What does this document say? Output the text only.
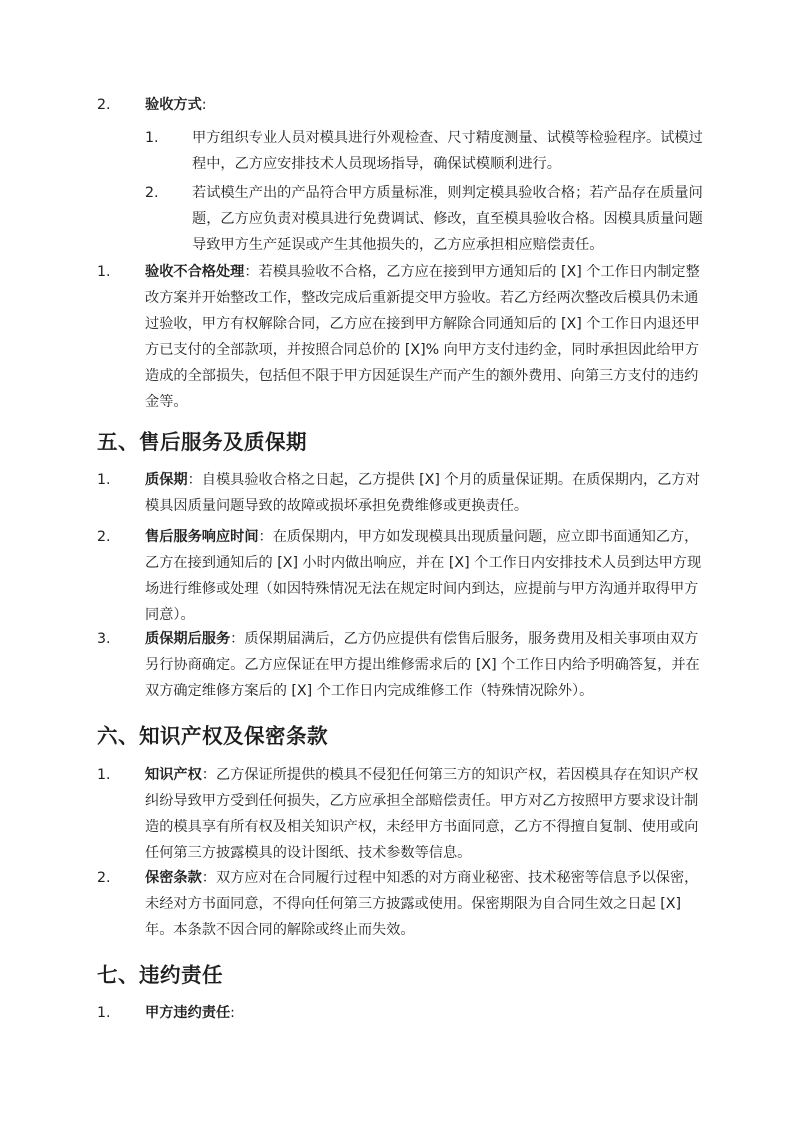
2. 验收方式:
1. 甲方组织专业人员对模具进行外观检查、尺寸精度测量、试模等检验程序。试模过程中，乙方应安排技术人员现场指导，确保试模顺利进行。
2. 若试模生产出的产品符合甲方质量标准，则判定模具验收合格；若产品存在质量问题，乙方应负责对模具进行免费调试、修改，直至模具验收合格。因模具质量问题导致甲方生产延误或产生其他损失的，乙方应承担相应赔偿责任。
1. 验收不合格处理：若模具验收不合格，乙方应在接到甲方通知后的 [X] 个工作日内制定整改方案并开始整改工作，整改完成后重新提交甲方验收。若乙方经两次整改后模具仍未通过验收，甲方有权解除合同，乙方应在接到甲方解除合同通知后的 [X] 个工作日内退还甲方已支付的全部款项，并按照合同总价的 [X]% 向甲方支付违约金，同时承担因此给甲方造成的全部损失，包括但不限于甲方因延误生产而产生的额外费用、向第三方支付的违约金等。
五、售后服务及质保期
1. 质保期：自模具验收合格之日起，乙方提供 [X] 个月的质量保证期。在质保期内，乙方对模具因质量问题导致的故障或损坏承担免费维修或更换责任。
2. 售后服务响应时间：在质保期内，甲方如发现模具出现质量问题，应立即书面通知乙方，乙方在接到通知后的 [X] 小时内做出响应，并在 [X] 个工作日内安排技术人员到达甲方现场进行维修或处理（如因特殊情况无法在规定时间内到达，应提前与甲方沟通并取得甲方同意）。
3. 质保期后服务：质保期届满后，乙方仍应提供有偿售后服务，服务费用及相关事项由双方另行协商确定。乙方应保证在甲方提出维修需求后的 [X] 个工作日内给予明确答复，并在双方确定维修方案后的 [X] 个工作日内完成维修工作（特殊情况除外）。
六、知识产权及保密条款
1. 知识产权：乙方保证所提供的模具不侵犯任何第三方的知识产权，若因模具存在知识产权纠纷导致甲方受到任何损失，乙方应承担全部赔偿责任。甲方对乙方按照甲方要求设计制造的模具享有所有权及相关知识产权，未经甲方书面同意，乙方不得擅自复制、使用或向任何第三方披露模具的设计图纸、技术参数等信息。
2. 保密条款：双方应对在合同履行过程中知悉的对方商业秘密、技术秘密等信息予以保密，未经对方书面同意，不得向任何第三方披露或使用。保密期限为自合同生效之日起 [X] 年。本条款不因合同的解除或终止而失效。
七、违约责任
1. 甲方违约责任:
